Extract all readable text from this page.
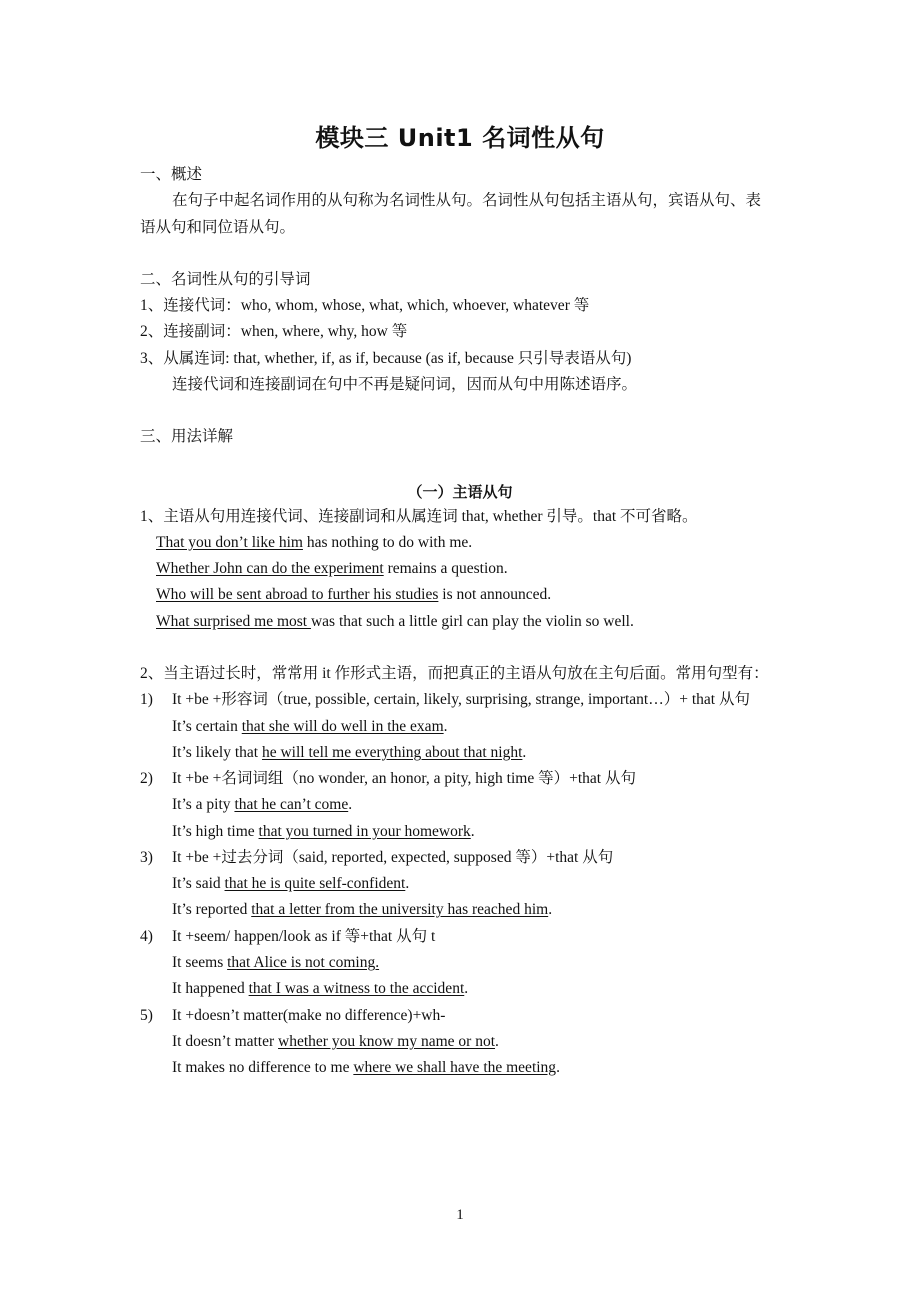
模块三 Unit1 名词性从句
一、概述
在句子中起名词作用的从句称为名词性从句。名词性从句包括主语从句，宾语从句、表
语从句和同位语从句。
二、名词性从句的引导词
1、连接代词：who, whom, whose, what, which, whoever, whatever 等
2、连接副词：when, where, why, how 等
3、从属连词: that, whether, if, as if, because (as if, because 只引导表语从句)
连接代词和连接副词在句中不再是疑问词，因而从句中用陈述语序。
三、用法详解
（一）主语从句
1、主语从句用连接代词、连接副词和从属连词 that, whether 引导。that 不可省略。
That you don’t like him has nothing to do with me.
Whether John can do the experiment remains a question.
Who will be sent abroad to further his studies is not announced.
What surprised me most was that such a little girl can play the violin so well.
2、当主语过长时，常常用 it 作形式主语，而把真正的主语从句放在主句后面。常用句型有：
1) It +be +形容词（true, possible, certain, likely, surprising, strange, important…）+ that 从句
It’s certain that she will do well in the exam.
It’s likely that he will tell me everything about that night.
2) It +be +名词词组（no wonder, an honor, a pity, high time 等）+that 从句
It’s a pity that he can’t come.
It’s high time that you turned in your homework.
3) It +be +过去分词（said, reported, expected, supposed 等）+that 从句
It’s said that he is quite self-confident.
It’s reported that a letter from the university has reached him.
4) It +seem/ happen/look as if 等+that 从句 t
It seems that Alice is not coming.
It happened that I was a witness to the accident.
5) It +doesn’t matter(make no difference)+wh-
It doesn’t matter whether you know my name or not.
It makes no difference to me where we shall have the meeting.
1
